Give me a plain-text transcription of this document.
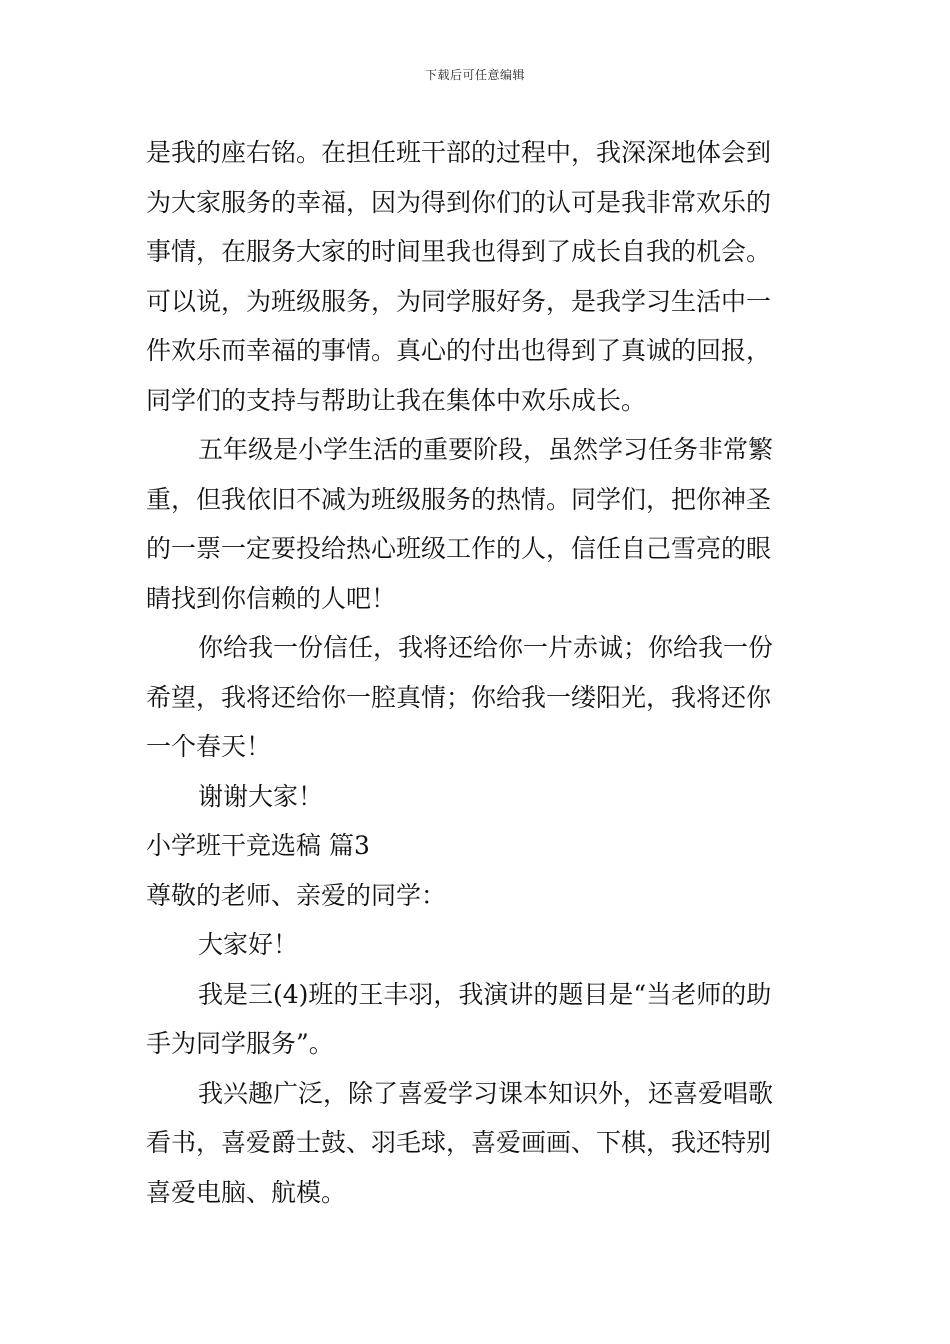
下载后可任意编辑

是我的座右铭。在担任班干部的过程中，我深深地体会到
为大家服务的幸福，因为得到你们的认可是我非常欢乐的
事情，在服务大家的时间里我也得到了成长自我的机会。
可以说，为班级服务，为同学服好务，是我学习生活中一
件欢乐而幸福的事情。真心的付出也得到了真诚的回报，
同学们的支持与帮助让我在集体中欢乐成长。

五年级是小学生活的重要阶段，虽然学习任务非常繁
重，但我依旧不减为班级服务的热情。同学们，把你神圣
的一票一定要投给热心班级工作的人，信任自己雪亮的眼
睛找到你信赖的人吧！

你给我一份信任，我将还给你一片赤诚；你给我一份
希望，我将还给你一腔真情；你给我一缕阳光，我将还你
一个春天！

谢谢大家！

小学班干竞选稿 篇3

尊敬的老师、亲爱的同学：

大家好！

我是三(4)班的王丰羽，我演讲的题目是“当老师的助
手为同学服务”。

我兴趣广泛，除了喜爱学习课本知识外，还喜爱唱歌
看书，喜爱爵士鼓、羽毛球，喜爱画画、下棋，我还特别
喜爱电脑、航模。
